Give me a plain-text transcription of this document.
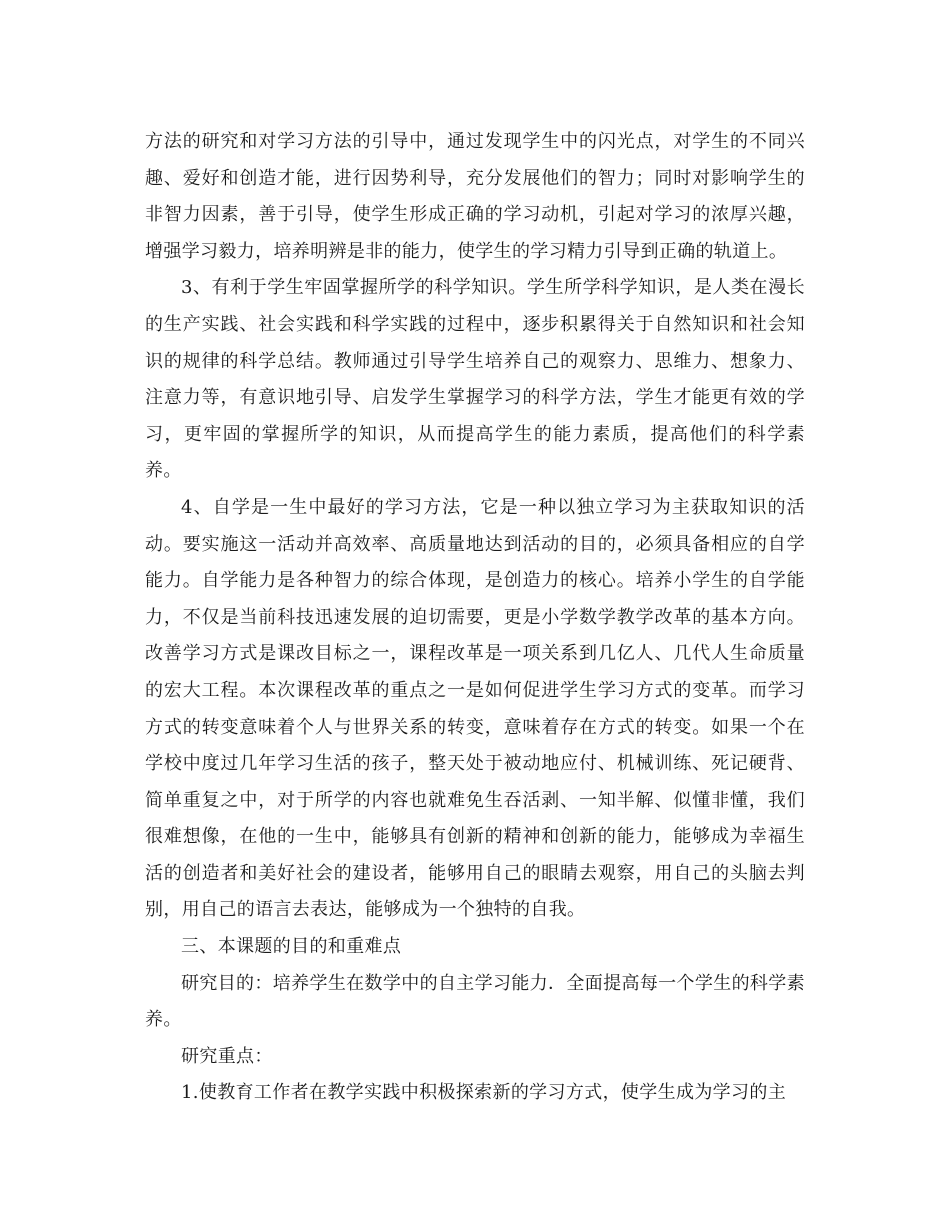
方法的研究和对学习方法的引导中，通过发现学生中的闪光点，对学生的不同兴趣、爱好和创造才能，进行因势利导，充分发展他们的智力；同时对影响学生的非智力因素，善于引导，使学生形成正确的学习动机，引起对学习的浓厚兴趣，增强学习毅力，培养明辨是非的能力，使学生的学习精力引导到正确的轨道上。

3、有利于学生牢固掌握所学的科学知识。学生所学科学知识，是人类在漫长的生产实践、社会实践和科学实践的过程中，逐步积累得关于自然知识和社会知识的规律的科学总结。教师通过引导学生培养自己的观察力、思维力、想象力、注意力等，有意识地引导、启发学生掌握学习的科学方法，学生才能更有效的学习，更牢固的掌握所学的知识，从而提高学生的能力素质，提高他们的科学素养。

4、自学是一生中最好的学习方法，它是一种以独立学习为主获取知识的活动。要实施这一活动并高效率、高质量地达到活动的目的，必须具备相应的自学能力。自学能力是各种智力的综合体现，是创造力的核心。培养小学生的自学能力，不仅是当前科技迅速发展的迫切需要，更是小学数学教学改革的基本方向。改善学习方式是课改目标之一，课程改革是一项关系到几亿人、几代人生命质量的宏大工程。本次课程改革的重点之一是如何促进学生学习方式的变革。而学习方式的转变意味着个人与世界关系的转变，意味着存在方式的转变。如果一个在学校中度过几年学习生活的孩子，整天处于被动地应付、机械训练、死记硬背、简单重复之中，对于所学的内容也就难免生吞活剥、一知半解、似懂非懂，我们很难想像，在他的一生中，能够具有创新的精神和创新的能力，能够成为幸福生活的创造者和美好社会的建设者，能够用自己的眼睛去观察，用自己的头脑去判别，用自己的语言去表达，能够成为一个独特的自我。

三、本课题的目的和重难点

研究目的：培养学生在数学中的自主学习能力．全面提高每一个学生的科学素养。

研究重点：

1.使教育工作者在教学实践中积极探索新的学习方式，使学生成为学习的主
